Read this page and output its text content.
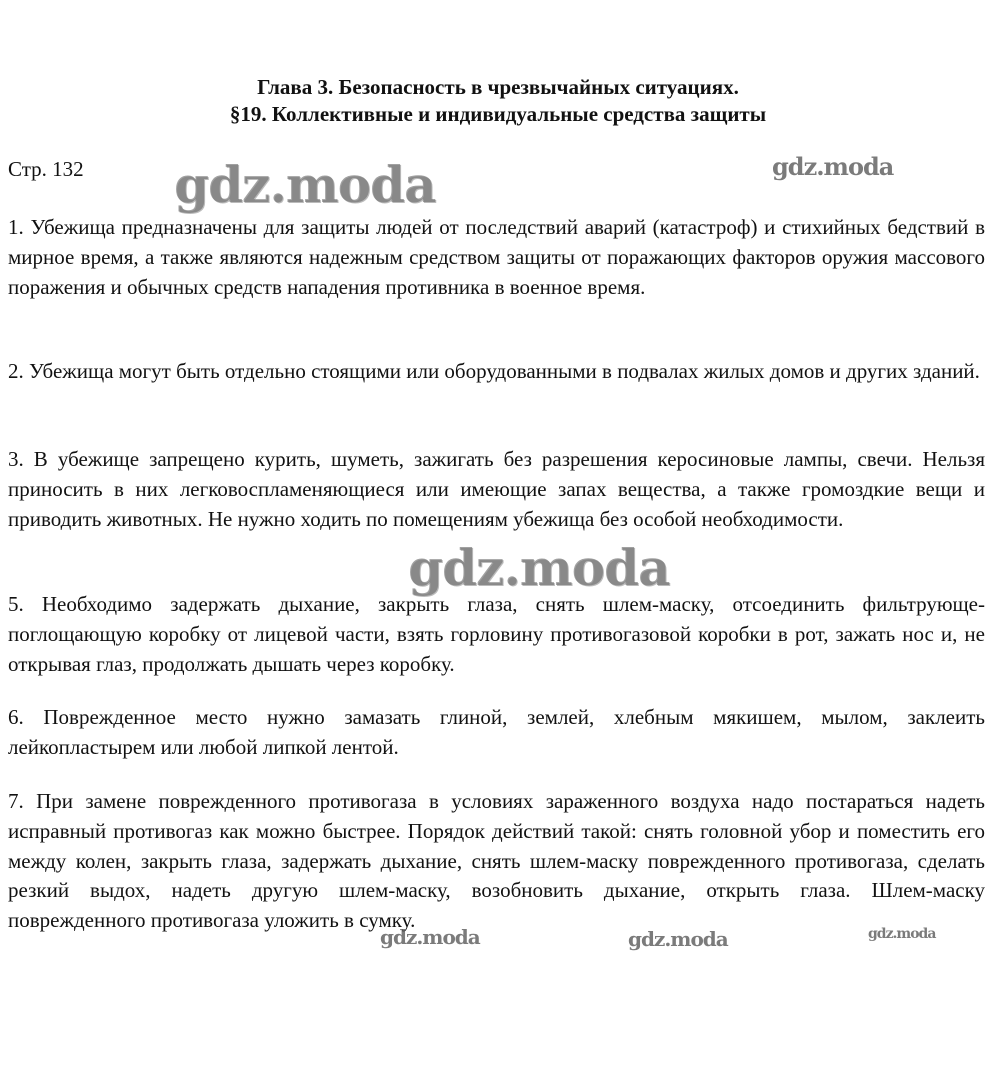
Глава 3. Безопасность в чрезвычайных ситуациях.
§19. Коллективные и индивидуальные средства защиты
Стр. 132
1. Убежища предназначены для защиты людей от последствий аварий (катастроф) и стихийных бедствий в мирное время, а также являются надежным средством защиты от поражающих факторов оружия массового поражения и обычных средств нападения противника в военное время.
2. Убежища могут быть отдельно стоящими или оборудованными в подвалах жилых домов и других зданий.
3. В убежище запрещено курить, шуметь, зажигать без разрешения керосиновые лампы, свечи. Нельзя приносить в них легковоспламеняющиеся или имеющие запах вещества, а также громоздкие вещи и приводить животных. Не нужно ходить по помещениям убежища без особой необходимости.
5. Необходимо задержать дыхание, закрыть глаза, снять шлем-маску, отсоединить фильтрующе-поглощающую коробку от лицевой части, взять горловину противогазовой коробки в рот, зажать нос и, не открывая глаз, продолжать дышать через коробку.
6. Поврежденное место нужно замазать глиной, землей, хлебным мякишем, мылом, заклеить лейкопластырем или любой липкой лентой.
7. При замене поврежденного противогаза в условиях зараженного воздуха надо постараться надеть исправный противогаз как можно быстрее. Порядок действий такой: снять головной убор и поместить его между колен, закрыть глаза, задержать дыхание, снять шлем-маску поврежденного противогаза, сделать резкий выдох, надеть другую шлем-маску, возобновить дыхание, открыть глаза. Шлем-маску поврежденного противогаза уложить в сумку.
gdz.moda	gdz.moda
gdz.moda
gdz.moda	gdz.moda	gdz.moda
